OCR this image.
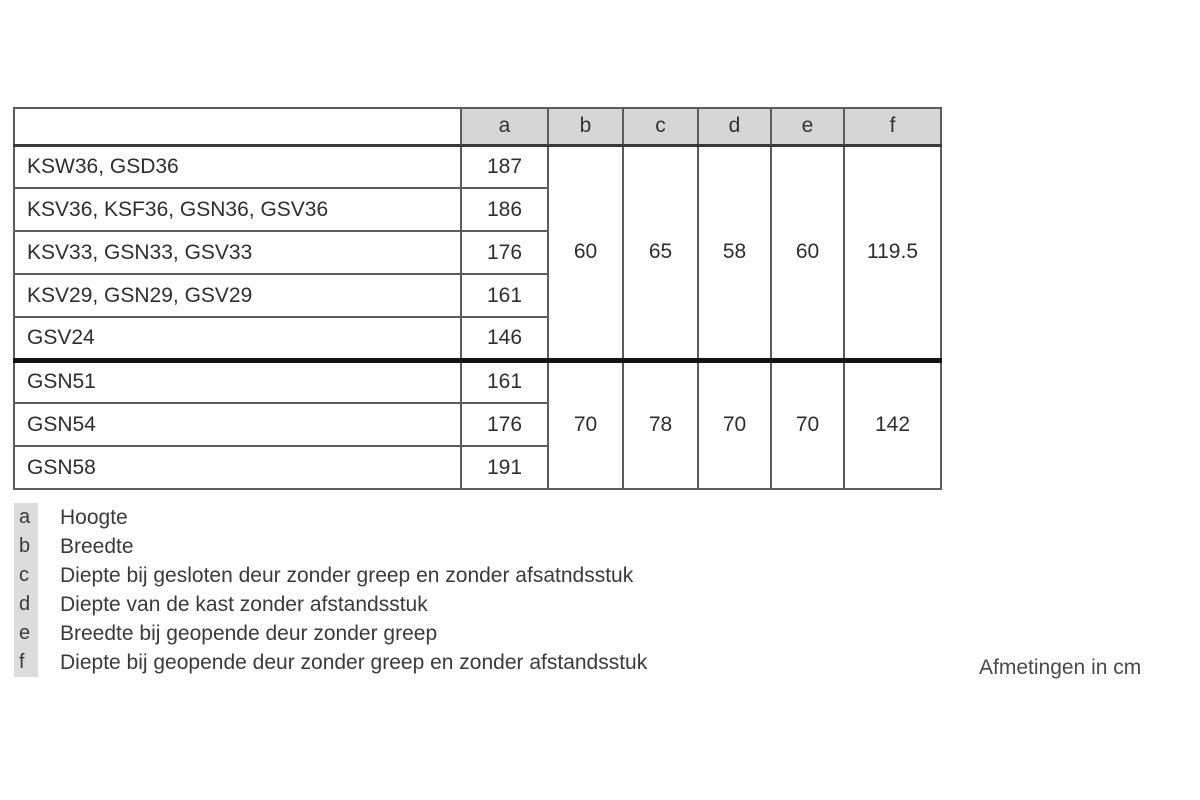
	a	b	c	d	e	f
KSW36, GSD36	187	60	65	58	60	119.5
KSV36, KSF36, GSN36, GSV36	186					
KSV33, GSN33, GSV33	176					
KSV29, GSN29, GSV29	161					
GSV24	146					
GSN51	161	70	78	70	70	142
GSN54	176					
GSN58	191					
a	Hoogte
b	Breedte
c	Diepte bij gesloten deur zonder greep en zonder afsatndsstuk
d	Diepte van de kast zonder afstandsstuk
e	Breedte bij geopende deur zonder greep
f	Diepte bij geopende deur zonder greep en zonder afstandsstuk	Afmetingen in cm
